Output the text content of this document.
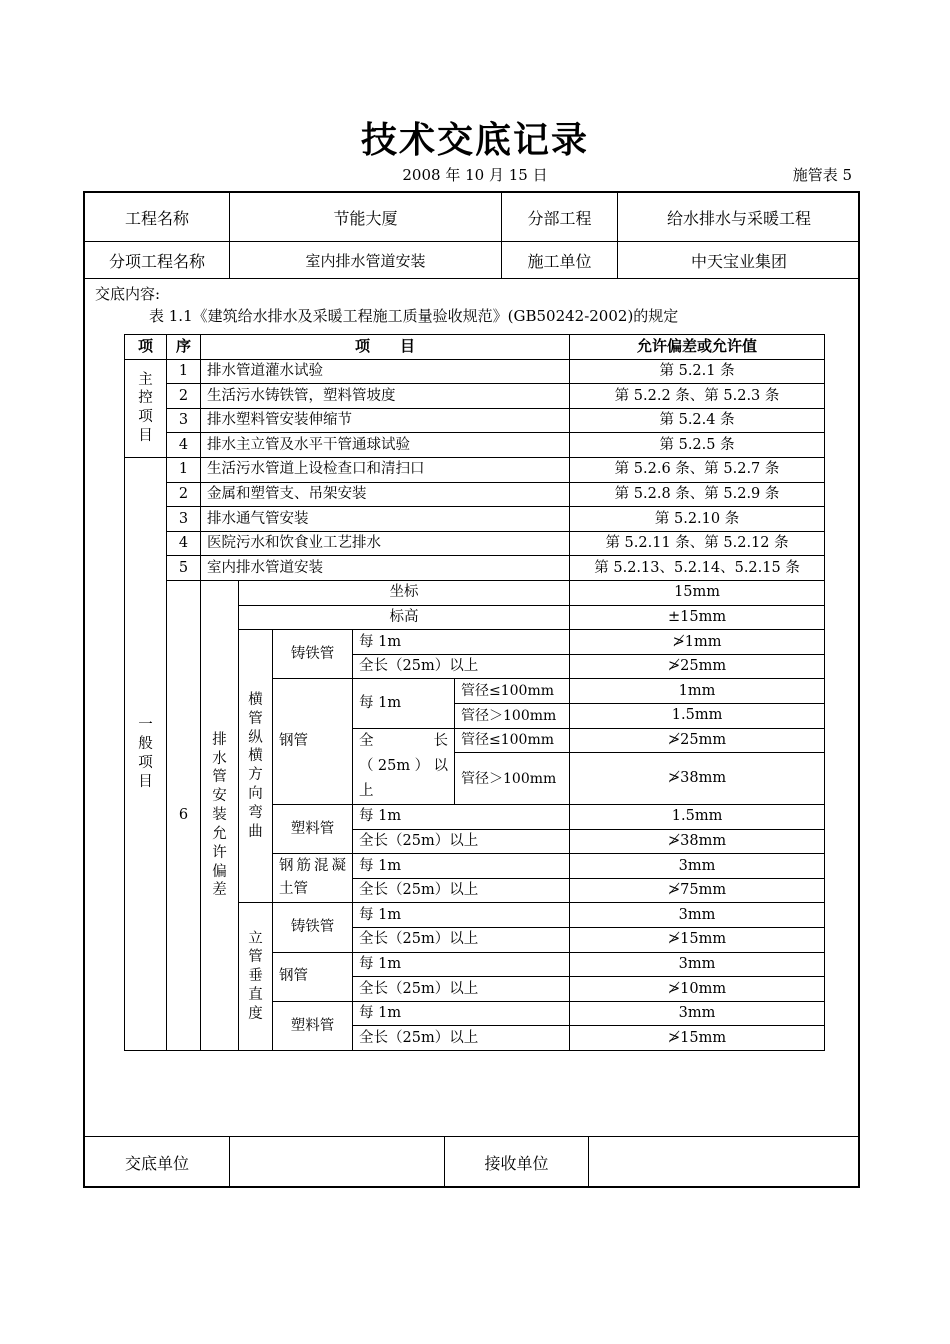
技术交底记录
2008 年 10 月 15 日	施管表 5
工程名称	节能大厦	分部工程	给水排水与采暖工程
分项工程名称	室内排水管道安装	施工单位	中天宝业集团
交底内容:
表 1.1《建筑给水排水及采暖工程施工质量验收规范》(GB50242-2002)的规定
项	序	项　　目					允许偏差或允许值
主控项目	1	排水管道灌水试验					第 5.2.1 条
	2	生活污水铸铁管，塑料管坡度					第 5.2.2 条、第 5.2.3 条
	3	排水塑料管安装伸缩节					第 5.2.4 条
	4	排水主立管及水平干管通球试验					第 5.2.5 条
一般项目	1	生活污水管道上设检查口和清扫口					第 5.2.6 条、第 5.2.7 条
	2	金属和塑管支、吊架安装					第 5.2.8 条、第 5.2.9 条
	3	排水通气管安装					第 5.2.10 条
	4	医院污水和饮食业工艺排水					第 5.2.11 条、第 5.2.12 条
	5	室内排水管道安装					第 5.2.13、5.2.14、5.2.15 条
	6	排水管安装允许偏差	坐标				15mm
			标高				±15mm
			横管纵横方向弯曲	铸铁管	每 1m		≯1mm
					全长（25m）以上		≯25mm
				钢管	每 1m	管径≤100mm	1mm
						管径＞100mm	1.5mm
					全　　长（25m）以上	管径≤100mm	≯25mm
						管径＞100mm	≯38mm

				塑料管	每 1m		1.5mm
					全长（25m）以上		≯38mm
				钢筋混凝土管	每 1m		3mm
					全长（25m）以上		≯75mm
			立管垂直度	铸铁管	每 1m		3mm
					全长（25m）以上		≯15mm
				钢管	每 1m		3mm
					全长（25m）以上		≯10mm
				塑料管	每 1m		3mm
					全长（25m）以上		≯15mm
交底单位	接收单位
